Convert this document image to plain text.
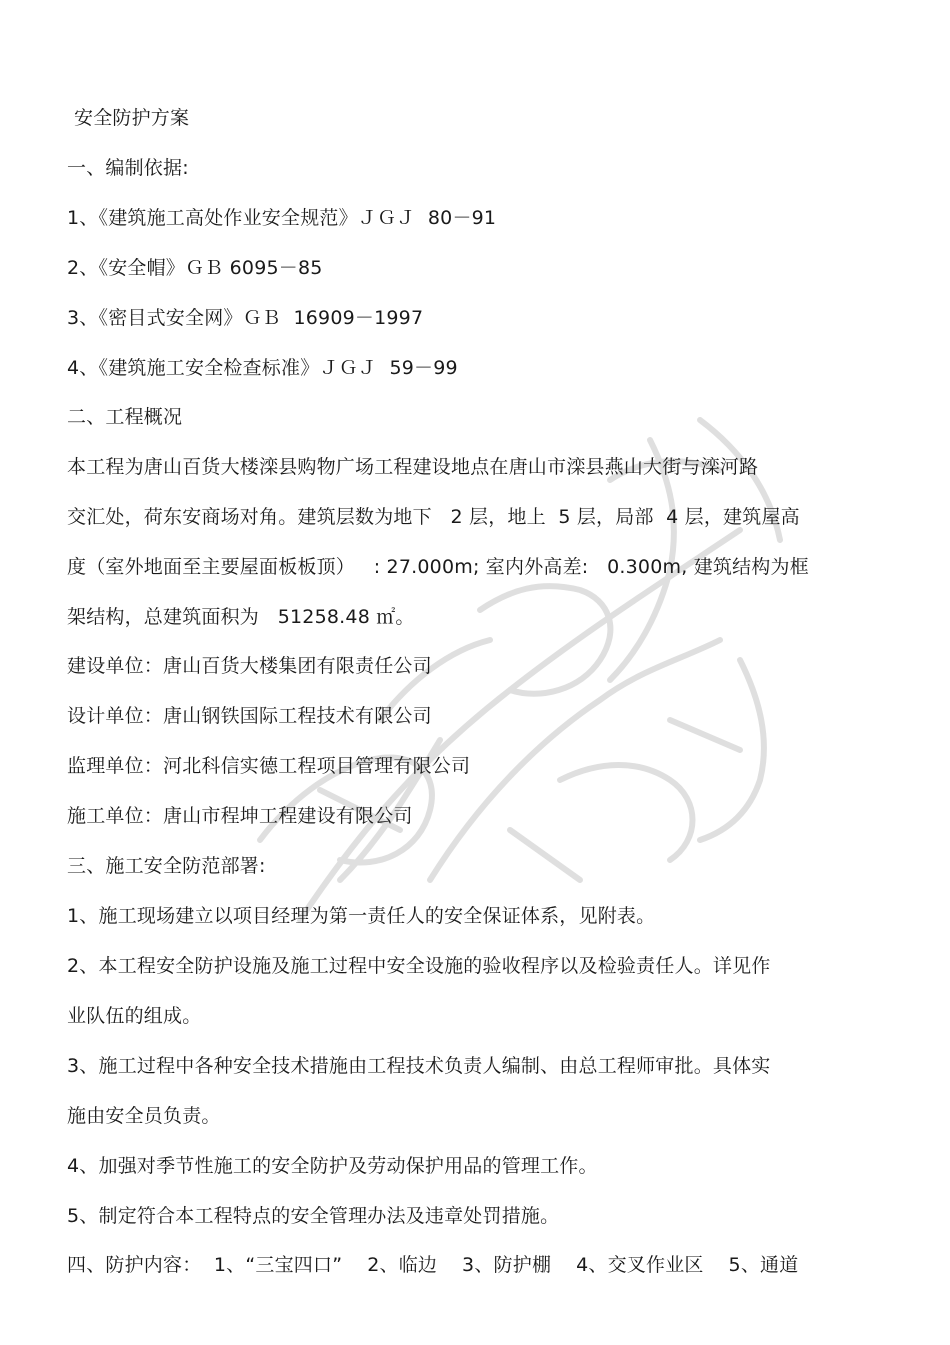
安全防护方案
一、编制依据:
1、《建筑施工高处作业安全规范》ＪＧＪ  80－91
2、《安全帽》ＧＢ 6095－85
3、《密目式安全网》ＧＢ  16909－1997
4、《建筑施工安全检查标准》ＪＧＪ  59－99
二、工程概况
本工程为唐山百货大楼滦县购物广场工程建设地点在唐山市滦县燕山大街与滦河路
交汇处，荷东安商场对角。建筑层数为地下   2 层，地上  5 层，局部  4 层，建筑屋高
度（室外地面至主要屋面板板顶）   : 27.000m; 室内外高差:   0.300m, 建筑结构为框
架结构，总建筑面积为   51258.48 ㎡。
建设单位：唐山百货大楼集团有限责任公司
设计单位：唐山钢铁国际工程技术有限公司
监理单位：河北科信实德工程项目管理有限公司
施工单位：唐山市程坤工程建设有限公司
三、施工安全防范部署:
1、施工现场建立以项目经理为第一责任人的安全保证体系，见附表。
2、本工程安全防护设施及施工过程中安全设施的验收程序以及检验责任人。详见作
业队伍的组成。
3、施工过程中各种安全技术措施由工程技术负责人编制、由总工程师审批。具体实
施由安全员负责。
4、加强对季节性施工的安全防护及劳动保护用品的管理工作。
5、制定符合本工程特点的安全管理办法及违章处罚措施。
四、防护内容：  1、“三宝四口”    2、临边    3、防护棚    4、交叉作业区    5、通道
